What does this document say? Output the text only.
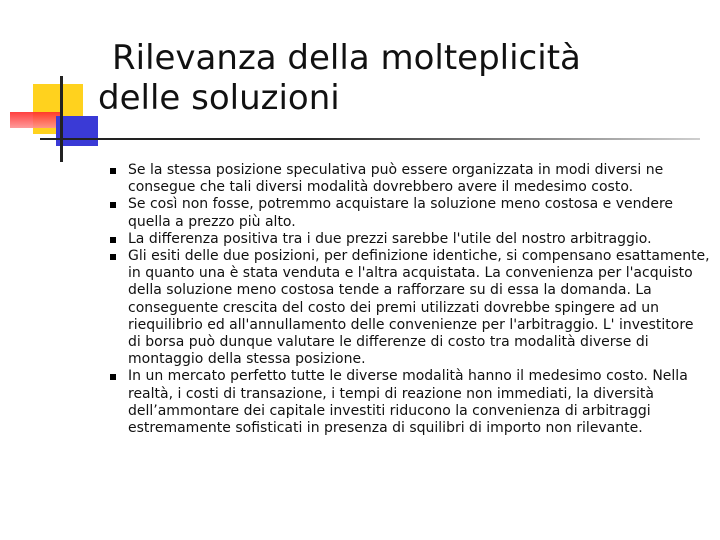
Rilevanza della molteplicità
delle soluzioni
Se la stessa posizione speculativa può essere organizzata in modi diversi ne consegue che tali diversi modalità dovrebbero avere il medesimo costo.
Se così non fosse, potremmo acquistare la soluzione meno costosa e vendere quella a prezzo più alto.
La differenza positiva tra i due prezzi sarebbe l'utile del nostro arbitraggio.
Gli esiti delle due posizioni, per definizione identiche, si compensano esattamente, in quanto una è stata venduta e l'altra acquistata. La convenienza per l'acquisto della soluzione meno costosa tende a rafforzare su di essa la domanda. La conseguente crescita del costo dei premi utilizzati dovrebbe spingere ad un riequilibrio ed all'annullamento delle convenienze per l'arbitraggio. L' investitore di borsa può dunque valutare le differenze di costo tra modalità diverse di montaggio della stessa posizione.
In un mercato perfetto tutte le diverse modalità hanno il medesimo costo. Nella realtà, i costi di transazione, i tempi di reazione non immediati, la diversità dell’ammontare dei capitale investiti riducono la convenienza di arbitraggi estremamente sofisticati in presenza di squilibri di importo non rilevante.
